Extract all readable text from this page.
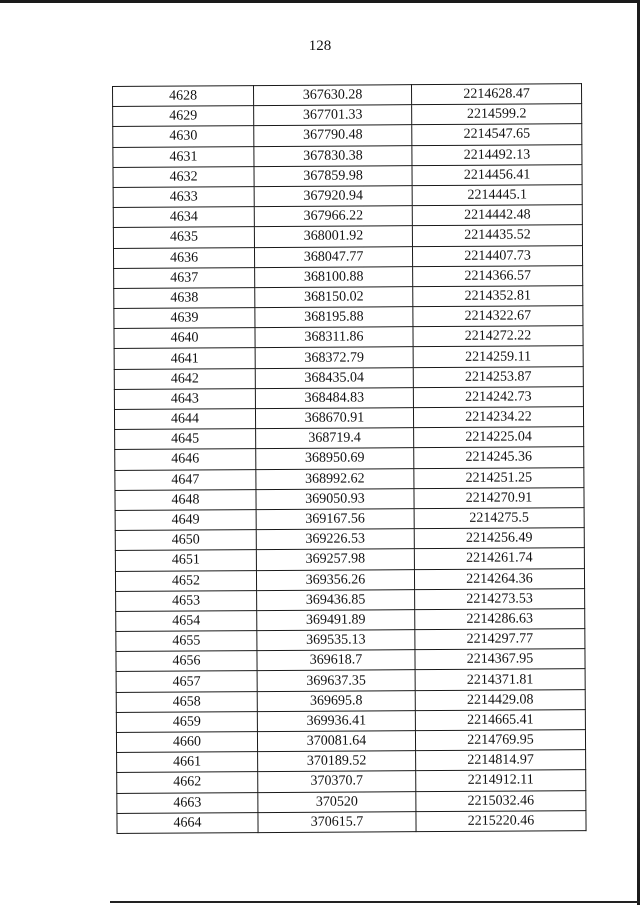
128
4628	367630.28	2214628.47
4629	367701.33	2214599.2
4630	367790.48	2214547.65
4631	367830.38	2214492.13
4632	367859.98	2214456.41
4633	367920.94	2214445.1
4634	367966.22	2214442.48
4635	368001.92	2214435.52
4636	368047.77	2214407.73
4637	368100.88	2214366.57
4638	368150.02	2214352.81
4639	368195.88	2214322.67
4640	368311.86	2214272.22
4641	368372.79	2214259.11
4642	368435.04	2214253.87
4643	368484.83	2214242.73
4644	368670.91	2214234.22
4645	368719.4	2214225.04
4646	368950.69	2214245.36
4647	368992.62	2214251.25
4648	369050.93	2214270.91
4649	369167.56	2214275.5
4650	369226.53	2214256.49
4651	369257.98	2214261.74
4652	369356.26	2214264.36
4653	369436.85	2214273.53
4654	369491.89	2214286.63
4655	369535.13	2214297.77
4656	369618.7	2214367.95
4657	369637.35	2214371.81
4658	369695.8	2214429.08
4659	369936.41	2214665.41
4660	370081.64	2214769.95
4661	370189.52	2214814.97
4662	370370.7	2214912.11
4663	370520	2215032.46
4664	370615.7	2215220.46
